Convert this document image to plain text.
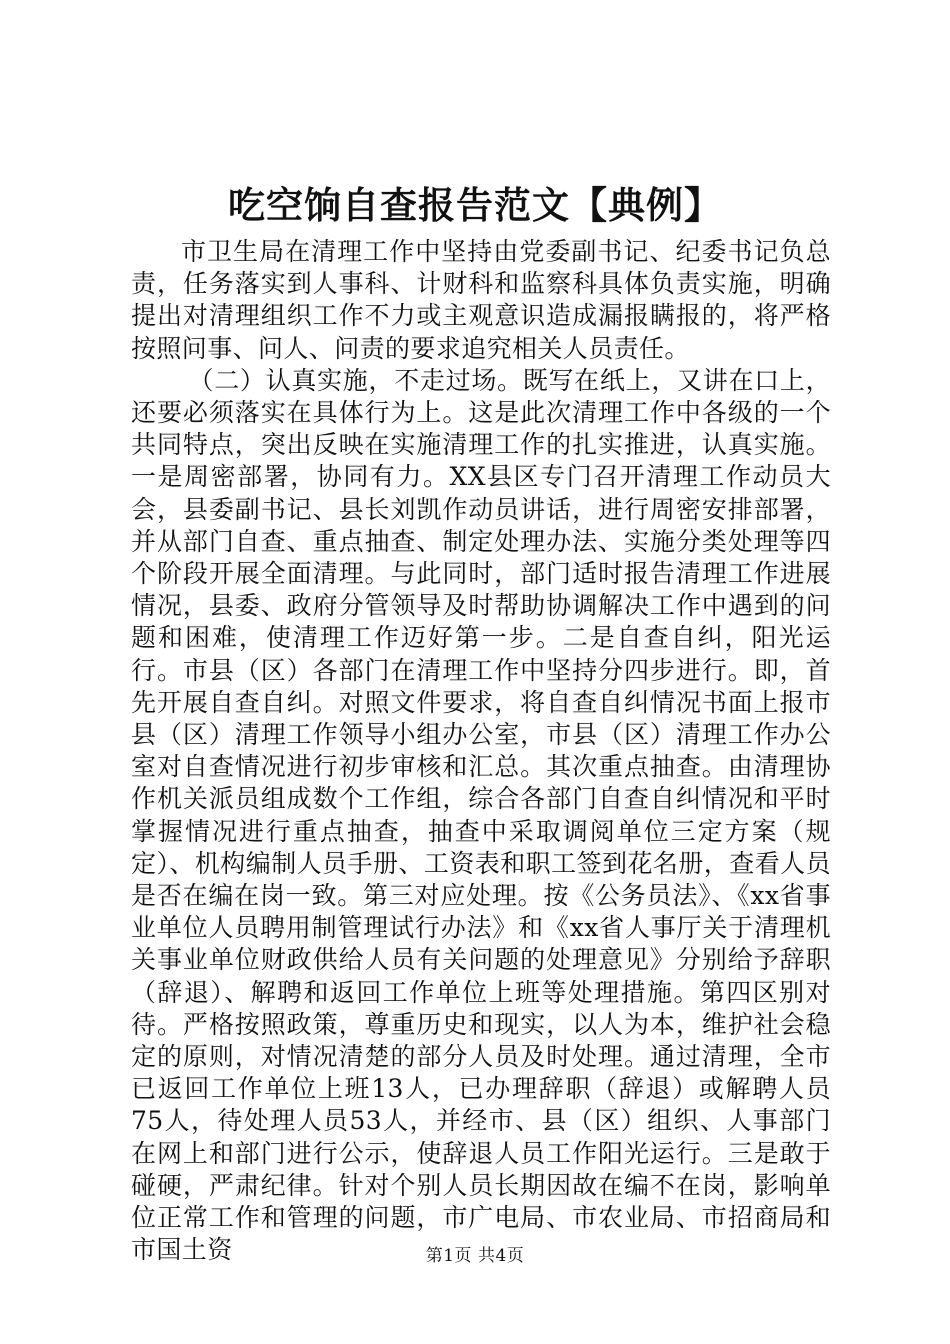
吃空饷自查报告范文【典例】

市卫生局在清理工作中坚持由党委副书记、纪委书记负总责，任务落实到人事科、计财科和监察科具体负责实施，明确提出对清理组织工作不力或主观意识造成漏报瞒报的，将严格按照问事、问人、问责的要求追究相关人员责任。

（二）认真实施，不走过场。既写在纸上，又讲在口上，还要必须落实在具体行为上。这是此次清理工作中各级的一个共同特点，突出反映在实施清理工作的扎实推进，认真实施。一是周密部署，协同有力。XX县区专门召开清理工作动员大会，县委副书记、县长刘凯作动员讲话，进行周密安排部署，并从部门自查、重点抽查、制定处理办法、实施分类处理等四个阶段开展全面清理。与此同时，部门适时报告清理工作进展情况，县委、政府分管领导及时帮助协调解决工作中遇到的问题和困难，使清理工作迈好第一步。二是自查自纠，阳光运行。市县（区）各部门在清理工作中坚持分四步进行。即，首先开展自查自纠。对照文件要求，将自查自纠情况书面上报市县（区）清理工作领导小组办公室，市县（区）清理工作办公室对自查情况进行初步审核和汇总。其次重点抽查。由清理协作机关派员组成数个工作组，综合各部门自查自纠情况和平时掌握情况进行重点抽查，抽查中采取调阅单位三定方案（规定）、机构编制人员手册、工资表和职工签到花名册，查看人员是否在编在岗一致。第三对应处理。按《公务员法》、《xx省事业单位人员聘用制管理试行办法》和《xx省人事厅关于清理机关事业单位财政供给人员有关问题的处理意见》分别给予辞职（辞退）、解聘和返回工作单位上班等处理措施。第四区别对待。严格按照政策，尊重历史和现实，以人为本，维护社会稳定的原则，对情况清楚的部分人员及时处理。通过清理，全市已返回工作单位上班13人，已办理辞职（辞退）或解聘人员75人，待处理人员53人，并经市、县（区）组织、人事部门在网上和部门进行公示，使辞退人员工作阳光运行。三是敢于碰硬，严肃纪律。针对个别人员长期因故在编不在岗，影响单位正常工作和管理的问题，市广电局、市农业局、市招商局和市国土资	第1页 共4页
